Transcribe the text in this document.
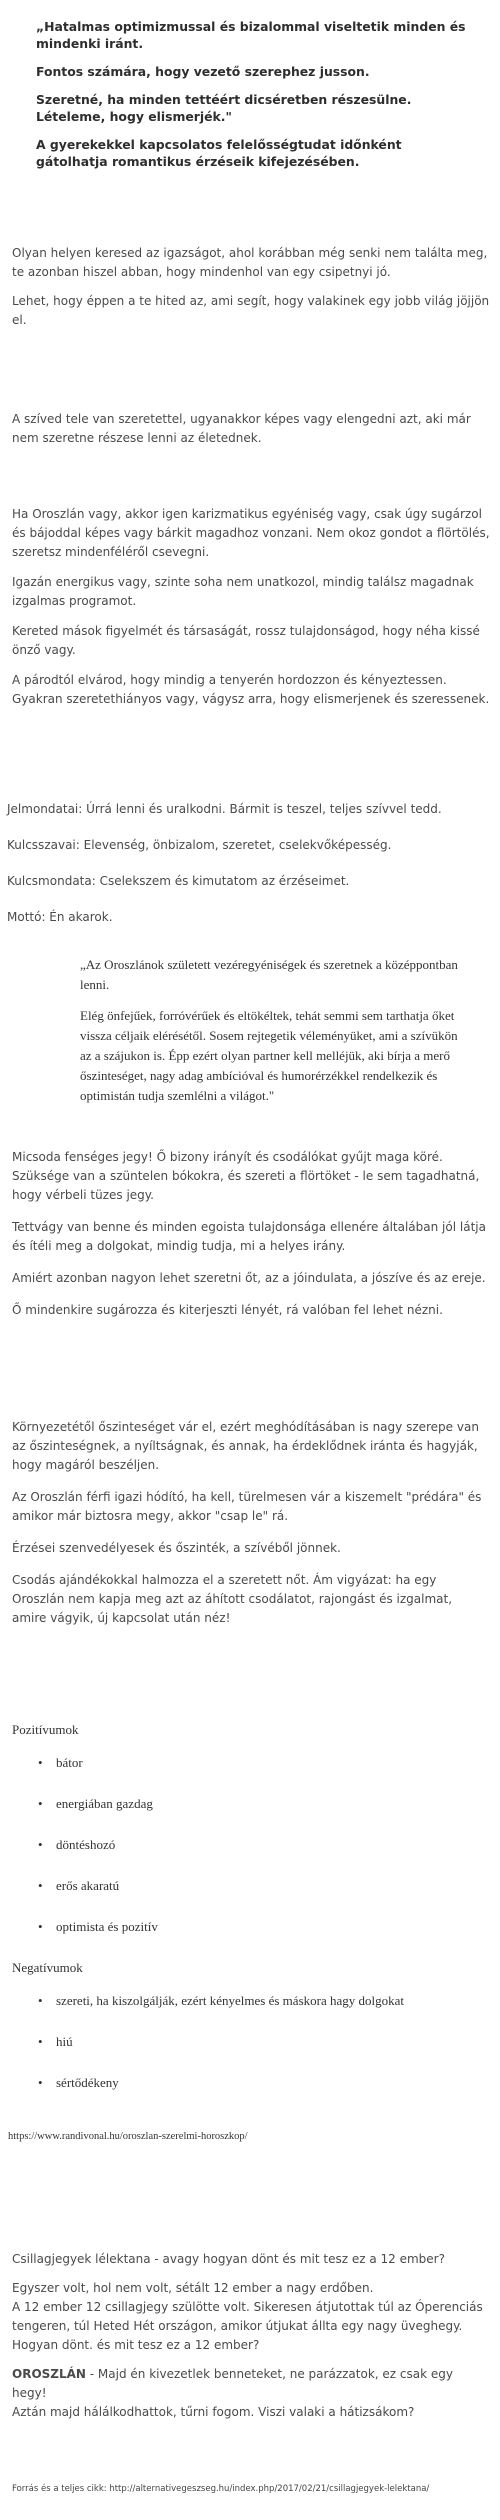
„Hatalmas optimizmussal és bizalommal viseltetik minden és mindenki iránt.

Fontos számára, hogy vezető szerephez jusson.

Szeretné, ha minden tettéért dicséretben részesülne. Lételeme, hogy elismerjék."

A gyerekekkel kapcsolatos felelősségtudat időnként gátolhatja romantikus érzéseik kifejezésében.

Olyan helyen keresed az igazságot, ahol korábban még senki nem találta meg, te azonban hiszel abban, hogy mindenhol van egy csipetnyi jó.

Lehet, hogy éppen a te hited az, ami segít, hogy valakinek egy jobb világ jöjjön el.

A szíved tele van szeretettel, ugyanakkor képes vagy elengedni azt, aki már nem szeretne részese lenni az életednek.

Ha Oroszlán vagy, akkor igen karizmatikus egyéniség vagy, csak úgy sugárzol és bájoddal képes vagy bárkit magadhoz vonzani. Nem okoz gondot a flörtölés, szeretsz mindenféléről csevegni.

Igazán energikus vagy, szinte soha nem unatkozol, mindig találsz magadnak izgalmas programot.

Kereted mások figyelmét és társaságát, rossz tulajdonságod, hogy néha kissé önző vagy.

A párodtól elvárod, hogy mindig a tenyerén hordozzon és kényeztessen. Gyakran szeretethiányos vagy, vágysz arra, hogy elismerjenek és szeressenek.

Jelmondatai: Úrrá lenni és uralkodni. Bármit is teszel, teljes szívvel tedd.

Kulcsszavai: Elevenség, önbizalom, szeretet, cselekvőképesség.

Kulcsmondata: Cselekszem és kimutatom az érzéseimet.

Mottó: Én akarok.

„Az Oroszlánok született vezéregyéniségek és szeretnek a középpontban lenni.

Elég önfejűek, forróvérűek és eltökéltek, tehát semmi sem tarthatja őket vissza céljaik elérésétől. Sosem rejtegetik véleményüket, ami a szívükön az a szájukon is. Épp ezért olyan partner kell melléjük, aki bírja a merő őszinteséget, nagy adag ambícióval és humorérzékkel rendelkezik és optimistán tudja szemlélni a világot."

Micsoda fenséges jegy! Ő bizony irányít és csodálókat gyűjt maga köré. Szüksége van a szüntelen bókokra, és szereti a flörtöket - le sem tagadhatná, hogy vérbeli tüzes jegy.

Tettvágy van benne és minden egoista tulajdonsága ellenére általában jól látja és ítéli meg a dolgokat, mindig tudja, mi a helyes irány.

Amiért azonban nagyon lehet szeretni őt, az a jóindulata, a jószíve és az ereje.

Ő mindenkire sugározza és kiterjeszti lényét, rá valóban fel lehet nézni.

Környezetétől őszinteséget vár el, ezért meghódításában is nagy szerepe van az őszinteségnek, a nyíltságnak, és annak, ha érdeklődnek iránta és hagyják, hogy magáról beszéljen.

Az Oroszlán férfi igazi hódító, ha kell, türelmesen vár a kiszemelt "prédára" és amikor már biztosra megy, akkor "csap le" rá.

Érzései szenvedélyesek és őszinték, a szívéből jönnek.

Csodás ajándékokkal halmozza el a szeretett nőt. Ám vigyázat: ha egy Oroszlán nem kapja meg azt az áhított csodálatot, rajongást és izgalmat, amire vágyik, új kapcsolat után néz!

Pozitívumok

• bátor
• energiában gazdag
• döntéshozó
• erős akaratú
• optimista és pozitív

Negatívumok

• szereti, ha kiszolgálják, ezért kényelmes és máskora hagy dolgokat
• hiú
• sértődékeny
https://www.randivonal.hu/oroszlan-szerelmi-horoszkop/

Csillagjegyek lélektana - avagy hogyan dönt és mit tesz ez a 12 ember?

Egyszer volt, hol nem volt, sétált 12 ember a nagy erdőben.

A 12 ember 12 csillagjegy szülötte volt. Sikeresen átjutottak túl az Óperenciás tengeren, túl Heted Hét országon, amikor útjukat állta egy nagy üveghegy.

Hogyan dönt. és mit tesz ez a 12 ember?

OROSZLÁN - Majd én kivezetlek benneteket, ne parázzatok, ez csak egy hegy!

Aztán majd hálálkodhattok, tűrni fogom. Viszi valaki a hátizsákom?

Forrás és a teljes cikk: http://alternativegeszseg.hu/index.php/2017/02/21/csillagjegyek-lelektana/
